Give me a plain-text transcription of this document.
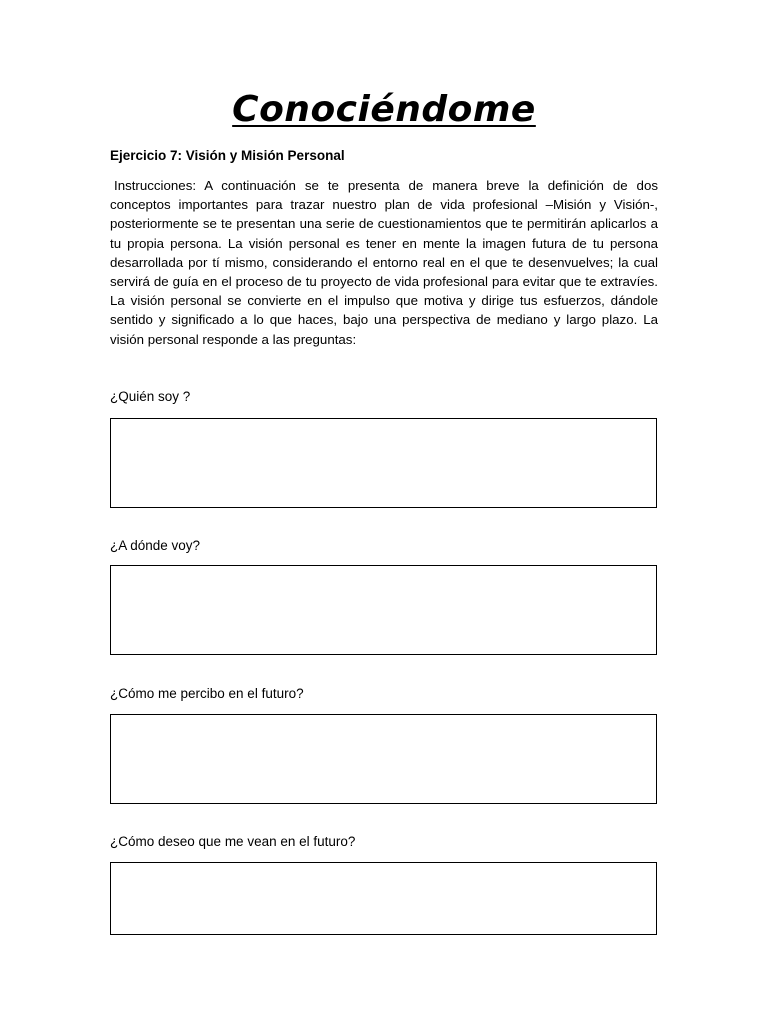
Conociéndome
Ejercicio 7: Visión y Misión Personal

Instrucciones: A continuación se te presenta de manera breve la definición de dos conceptos importantes para trazar nuestro plan de vida profesional –Misión y Visión-, posteriormente se te presentan una serie de cuestionamientos que te permitirán aplicarlos a tu propia persona. La visión personal es tener en mente la imagen futura de tu persona desarrollada por tí mismo, considerando el entorno real en el que te desenvuelves; la cual servirá de guía en el proceso de tu proyecto de vida profesional para evitar que te extravíes. La visión personal se convierte en el impulso que motiva y dirige tus esfuerzos, dándole sentido y significado a lo que haces, bajo una perspectiva de mediano y largo plazo. La visión personal responde a las preguntas:

¿Quién soy ?
¿A dónde voy?
¿Cómo me percibo en el futuro?
¿Cómo deseo que me vean en el futuro?
